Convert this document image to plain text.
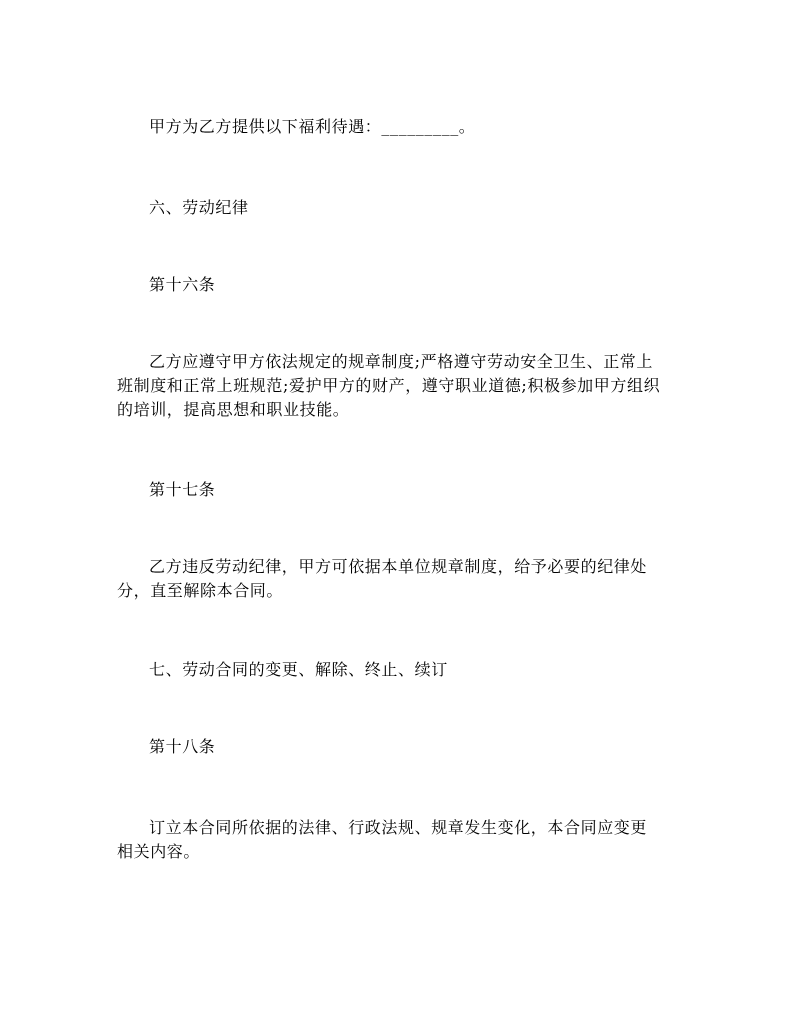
甲方为乙方提供以下福利待遇：_________。

六、劳动纪律

第十六条

乙方应遵守甲方依法规定的规章制度;严格遵守劳动安全卫生、正常上班制度和正常上班规范;爱护甲方的财产，遵守职业道德;积极参加甲方组织的培训，提高思想和职业技能。

第十七条

乙方违反劳动纪律，甲方可依据本单位规章制度，给予必要的纪律处分，直至解除本合同。

七、劳动合同的变更、解除、终止、续订

第十八条

订立本合同所依据的法律、行政法规、规章发生变化，本合同应变更相关内容。
